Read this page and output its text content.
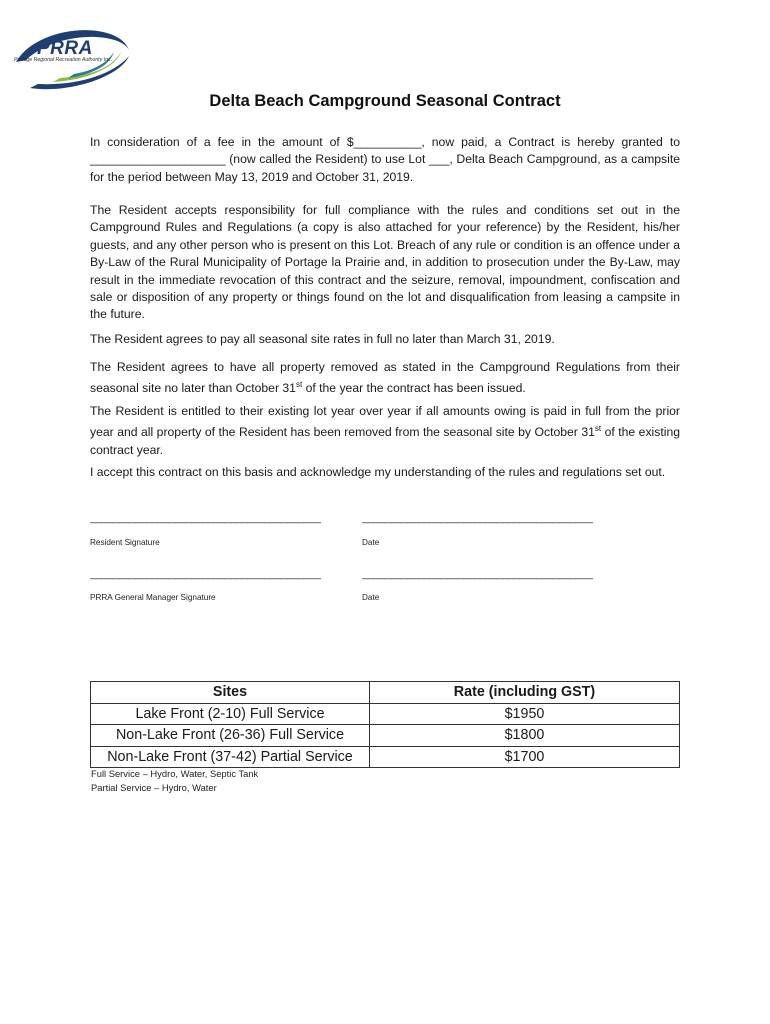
PRRA
Portage Regional Recreation Authority Inc.
Delta Beach Campground Seasonal Contract

In consideration of a fee in the amount of $__________, now paid, a Contract is hereby granted to ____________________ (now called the Resident) to use Lot ___, Delta Beach Campground, as a campsite for the period between May 13, 2019 and October 31, 2019.

The Resident accepts responsibility for full compliance with the rules and conditions set out in the Campground Rules and Regulations (a copy is also attached for your reference) by the Resident, his/her guests, and any other person who is present on this Lot. Breach of any rule or condition is an offence under a By-Law of the Rural Municipality of Portage la Prairie and, in addition to prosecution under the By-Law, may result in the immediate revocation of this contract and the seizure, removal, impoundment, confiscation and sale or disposition of any property or things found on the lot and disqualification from leasing a campsite in the future.

The Resident agrees to pay all seasonal site rates in full no later than March 31, 2019.

The Resident agrees to have all property removed as stated in the Campground Regulations from their seasonal site no later than October 31st of the year the contract has been issued.

The Resident is entitled to their existing lot year over year if all amounts owing is paid in full from the prior year and all property of the Resident has been removed from the seasonal site by October 31st of the existing contract year.

I accept this contract on this basis and acknowledge my understanding of the rules and regulations set out.

_________________________________________	_________________________________________
Resident Signature	Date
_________________________________________	_________________________________________
PRRA General Manager Signature	Date
Sites	Rate (including GST)
Lake Front (2-10) Full Service	$1950
Non-Lake Front (26-36) Full Service	$1800
Non-Lake Front (37-42) Partial Service	$1700
Full Service – Hydro, Water, Septic Tank
Partial Service – Hydro, Water
